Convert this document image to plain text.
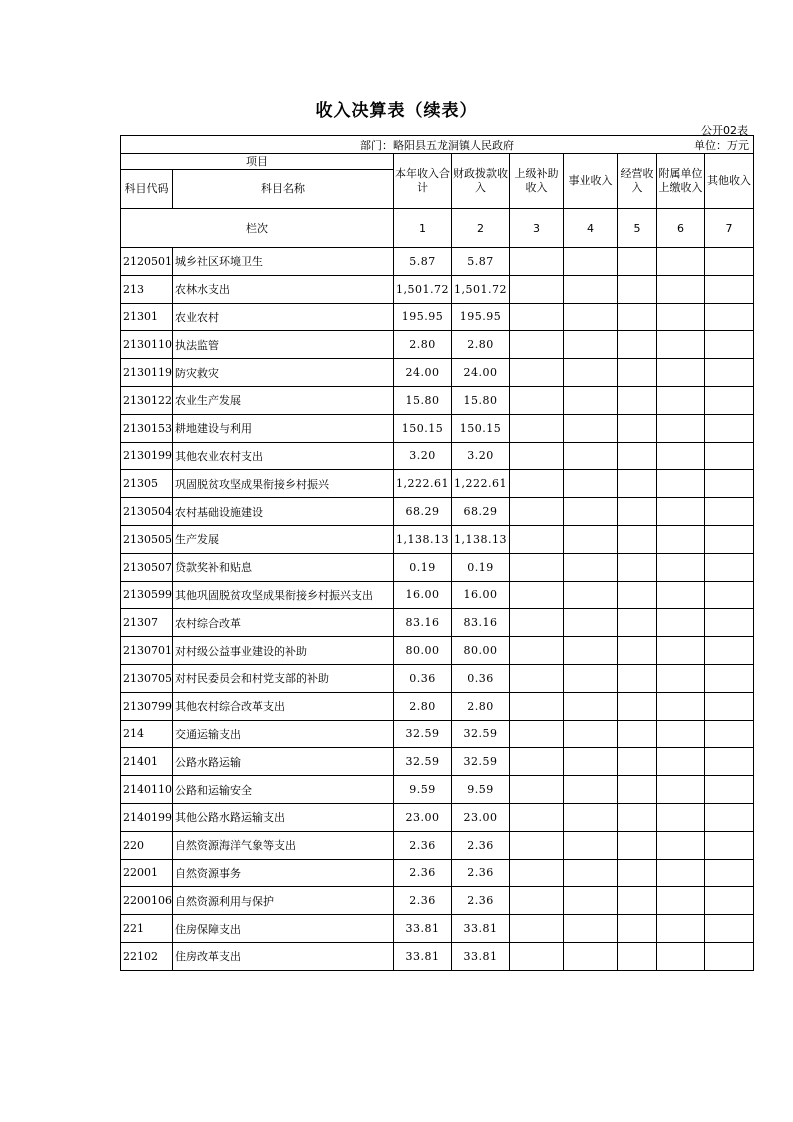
收入决算表（续表）
公开02表
部门：略阳县五龙洞镇人民政府 单位：万元								

项目		本年收入合计	财政拨款收入	上级补助收入	事业收入	经营收入	附属单位上缴收入	其他收入
科目代码	科目名称							
栏次		1	2	3	4	5	6	7
2120501	城乡社区环境卫生	5.87	5.87					
213	农林水支出	1,501.72	1,501.72					
21301	农业农村	195.95	195.95					
2130110	执法监管	2.80	2.80					
2130119	防灾救灾	24.00	24.00					
2130122	农业生产发展	15.80	15.80					
2130153	耕地建设与利用	150.15	150.15					
2130199	其他农业农村支出	3.20	3.20					
21305	巩固脱贫攻坚成果衔接乡村振兴	1,222.61	1,222.61					
2130504	农村基础设施建设	68.29	68.29					
2130505	生产发展	1,138.13	1,138.13					
2130507	贷款奖补和贴息	0.19	0.19					
2130599	其他巩固脱贫攻坚成果衔接乡村振兴支出	16.00	16.00					
21307	农村综合改革	83.16	83.16					
2130701	对村级公益事业建设的补助	80.00	80.00					
2130705	对村民委员会和村党支部的补助	0.36	0.36					
2130799	其他农村综合改革支出	2.80	2.80					
214	交通运输支出	32.59	32.59					
21401	公路水路运输	32.59	32.59					
2140110	公路和运输安全	9.59	9.59					
2140199	其他公路水路运输支出	23.00	23.00					
220	自然资源海洋气象等支出	2.36	2.36					
22001	自然资源事务	2.36	2.36					
2200106	自然资源利用与保护	2.36	2.36					
221	住房保障支出	33.81	33.81					
22102	住房改革支出	33.81	33.81					
